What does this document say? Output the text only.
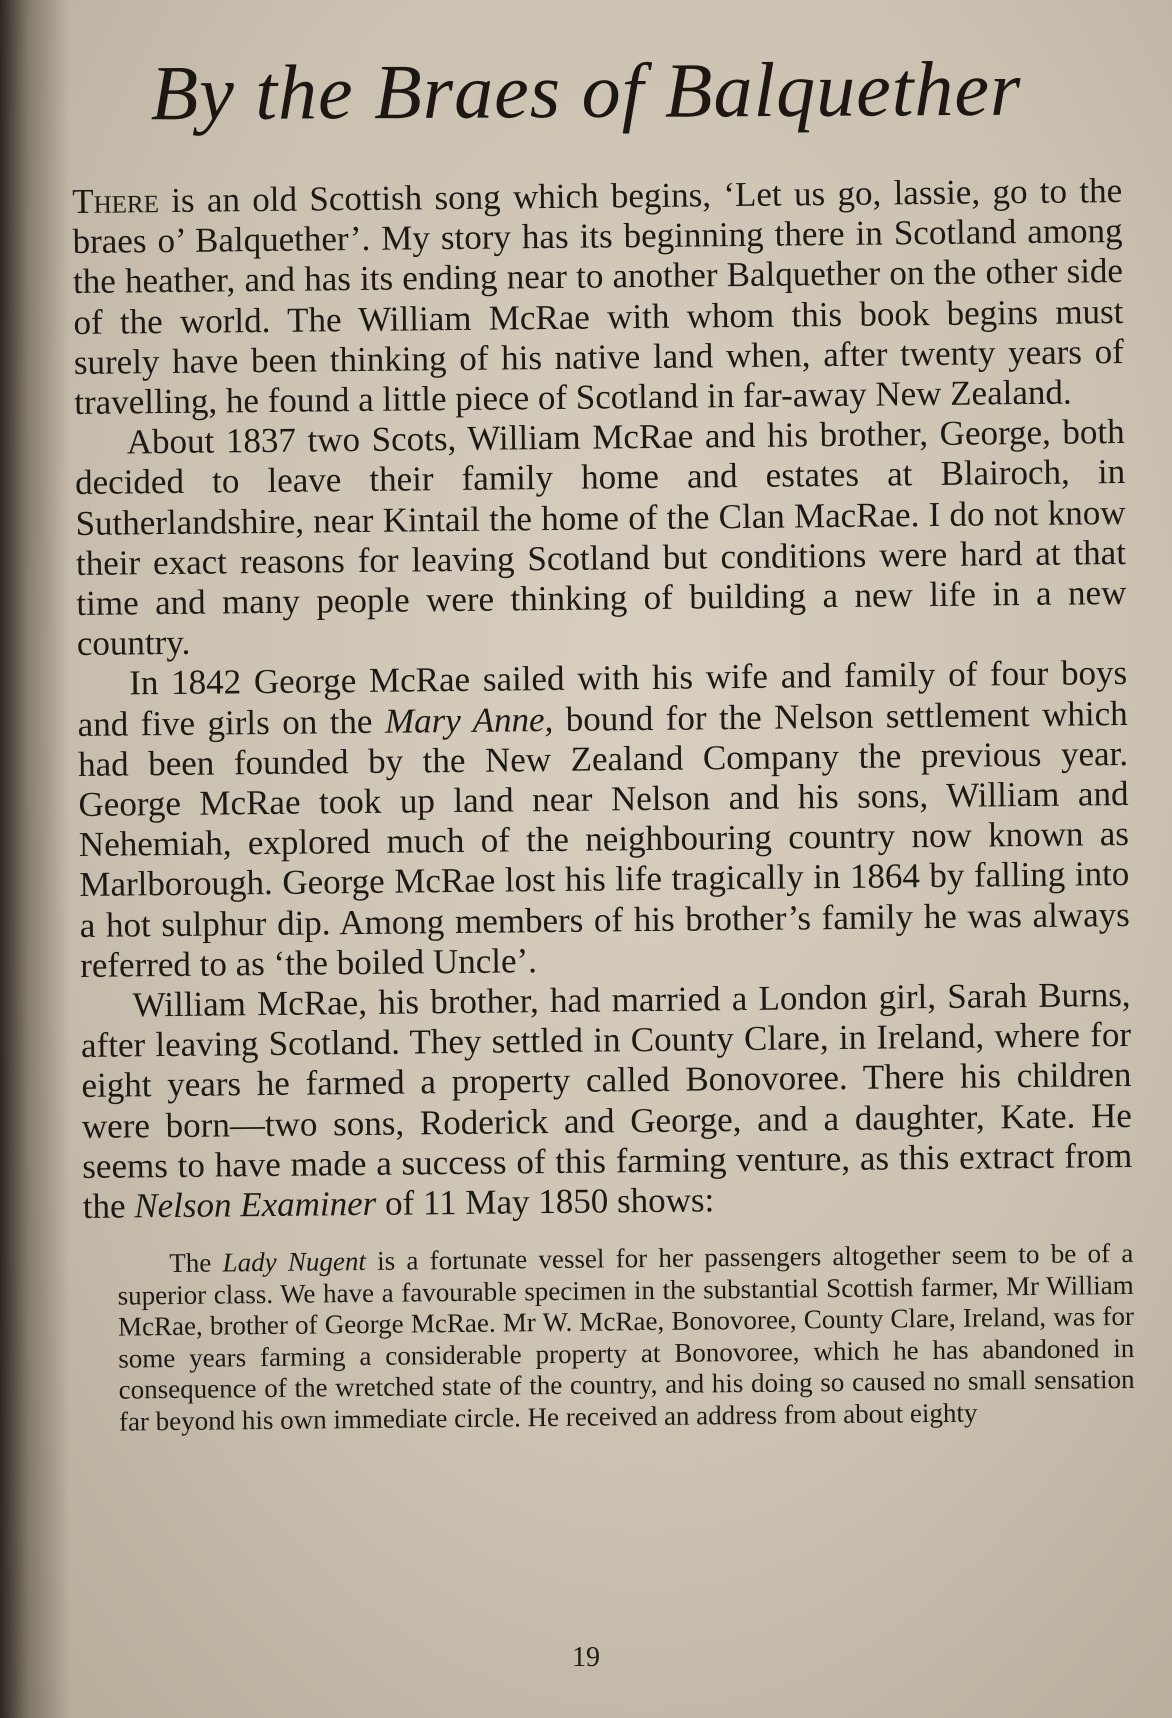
By the Braes of Balquether

There is an old Scottish song which begins, ‘Let us go, lassie, go to the braes o’ Balquether’. My story has its beginning there in Scotland among the heather, and has its ending near to another Balquether on the other side of the world. The William McRae with whom this book begins must surely have been thinking of his native land when, after twenty years of travelling, he found a little piece of Scotland in far-away New Zealand.

About 1837 two Scots, William McRae and his brother, George, both decided to leave their family home and estates at Blairoch, in Sutherlandshire, near Kintail the home of the Clan MacRae. I do not know their exact reasons for leaving Scotland but conditions were hard at that time and many people were thinking of building a new life in a new country.

In 1842 George McRae sailed with his wife and family of four boys and five girls on the Mary Anne, bound for the Nelson settlement which had been founded by the New Zealand Company the previous year. George McRae took up land near Nelson and his sons, William and Nehemiah, explored much of the neighbouring country now known as Marlborough. George McRae lost his life tragically in 1864 by falling into a hot sulphur dip. Among members of his brother’s family he was always referred to as ‘the boiled Uncle’.

William McRae, his brother, had married a London girl, Sarah Burns, after leaving Scotland. They settled in County Clare, in Ireland, where for eight years he farmed a property called Bonovoree. There his children were born—two sons, Roderick and George, and a daughter, Kate. He seems to have made a success of this farming venture, as this extract from the Nelson Examiner of 11 May 1850 shows:

The Lady Nugent is a fortunate vessel for her passengers altogether seem to be of a superior class. We have a favourable specimen in the substantial Scottish farmer, Mr William McRae, brother of George McRae. Mr W. McRae, Bonovoree, County Clare, Ireland, was for some years farming a considerable property at Bonovoree, which he has abandoned in consequence of the wretched state of the country, and his doing so caused no small sensation far beyond his own immediate circle. He received an address from about eighty
19
